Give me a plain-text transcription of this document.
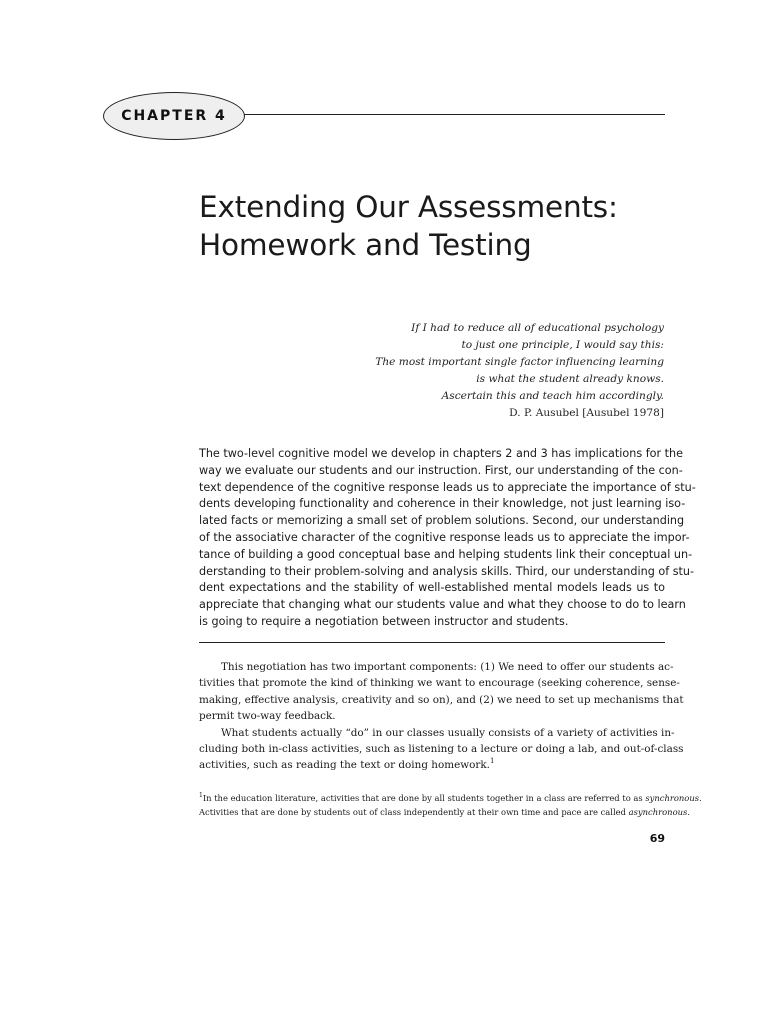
CHAPTER 4
Extending Our Assessments:
Homework and Testing
If I had to reduce all of educational psychology
to just one principle, I would say this:
The most important single factor influencing learning
is what the student already knows.
Ascertain this and teach him accordingly.
D. P. Ausubel [Ausubel 1978]
The two-level cognitive model we develop in chapters 2 and 3 has implications for the
way we evaluate our students and our instruction. First, our understanding of the con-
text dependence of the cognitive response leads us to appreciate the importance of stu-
dents developing functionality and coherence in their knowledge, not just learning iso-
lated facts or memorizing a small set of problem solutions. Second, our understanding
of the associative character of the cognitive response leads us to appreciate the impor-
tance of building a good conceptual base and helping students link their conceptual un-
derstanding to their problem-solving and analysis skills. Third, our understanding of stu-
dent expectations and the stability of well-established mental models leads us to
appreciate that changing what our students value and what they choose to do to learn
is going to require a negotiation between instructor and students.
This negotiation has two important components: (1) We need to offer our students ac-
tivities that promote the kind of thinking we want to encourage (seeking coherence, sense-
making, effective analysis, creativity and so on), and (2) we need to set up mechanisms that
permit two-way feedback.
What students actually “do” in our classes usually consists of a variety of activities in-
cluding both in-class activities, such as listening to a lecture or doing a lab, and out-of-class
activities, such as reading the text or doing homework.$^1$
$^1$In the education literature, activities that are done by all students together in a class are referred to as synchronous.
Activities that are done by students out of class independently at their own time and pace are called asynchronous.
69
